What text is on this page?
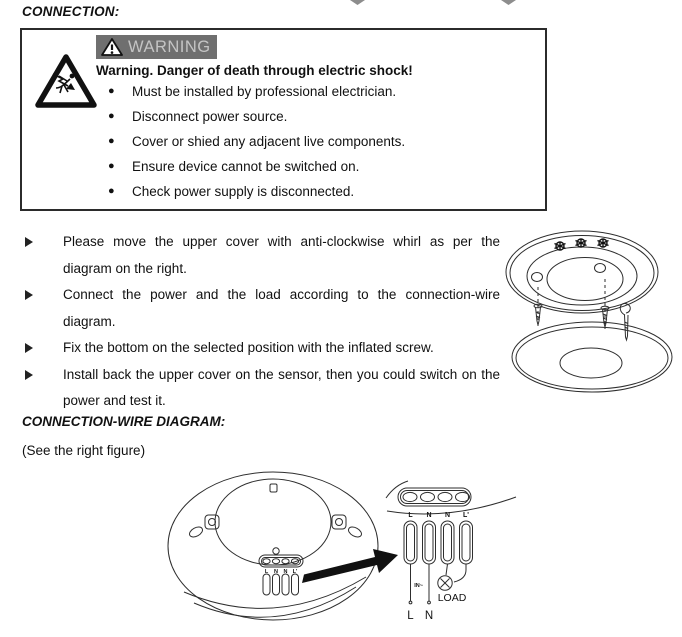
CONNECTION:
WARNING
Warning. Danger of death through electric shock!
●	Must be installed by professional electrician.
●	Disconnect power source.
●	Cover or shied any adjacent live components.
●	Ensure device cannot be switched on.
●	Check power supply is disconnected.

Please move the upper cover with anti-clockwise whirl as per the diagram on the right.

Connect the power and the load according to the connection-wire diagram.

Fix the bottom on the selected position with the inflated screw.

Install back the upper cover on the sensor, then you could switch on the power and test it.

CONNECTION-WIRE DIAGRAM:
(See the right figure)
L N N L'
L N N L'
IN~
LOAD
L N
